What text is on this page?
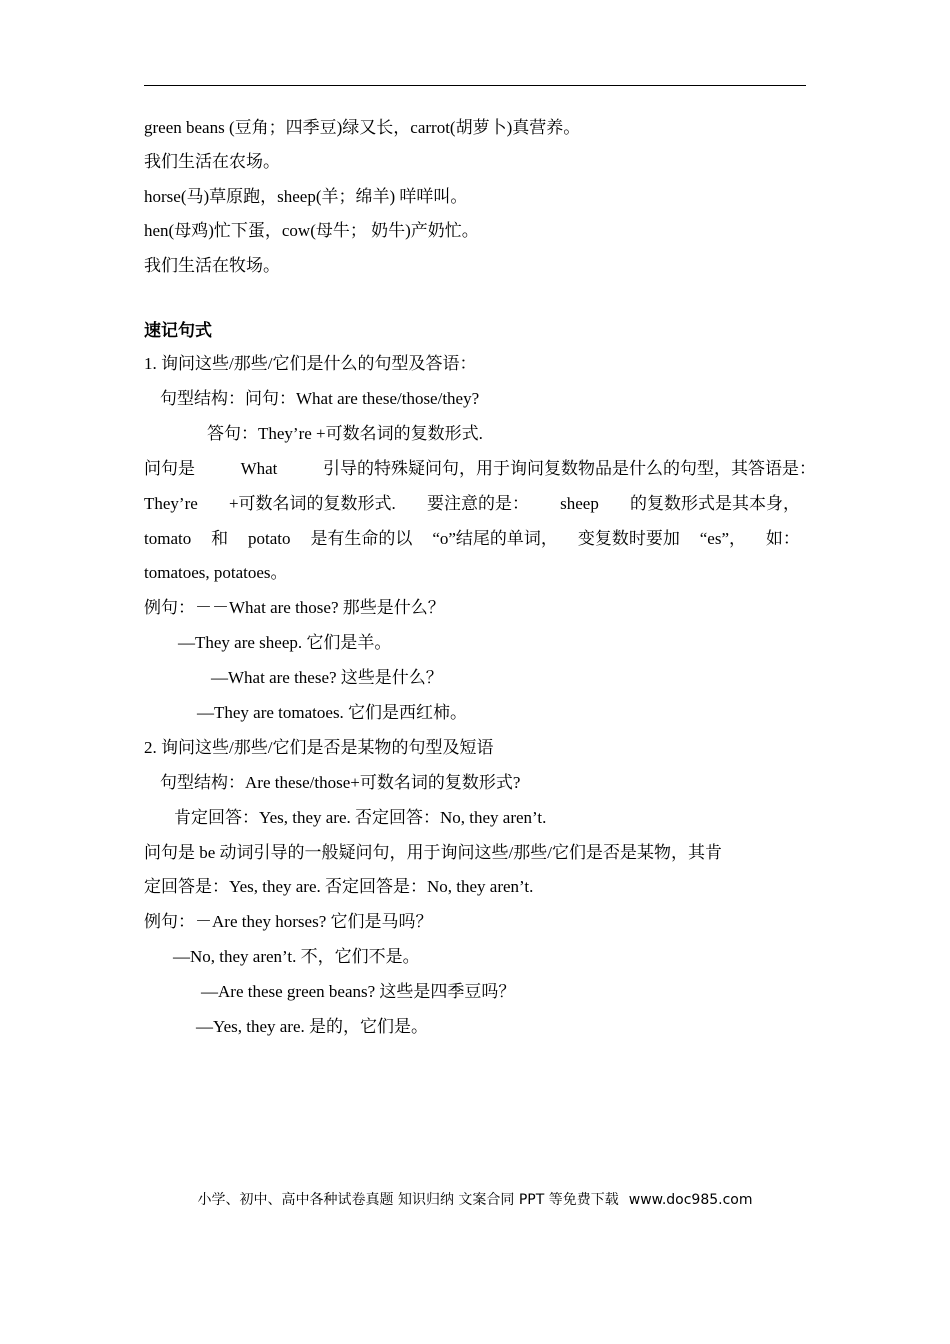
green beans (豆角；四季豆)绿又长，carrot(胡萝卜)真营养。
我们生活在农场。
horse(马)草原跑，sheep(羊；绵羊) 咩咩叫。
hen(母鸡)忙下蛋，cow(母牛； 奶牛)产奶忙。
我们生活在牧场。
速记句式
1. 询问这些/那些/它们是什么的句型及答语：
句型结构：问句：What are these/those/they?
答句：They’re +可数名词的复数形式.
问句是	What	引导的特殊疑问句，用于询问复数物品是什么的句型，其答语是：
They’re +可数名词的复数形式. 要注意的是： sheep 的复数形式是其本身，
tomato 和 potato 是有生命的以 “o”结尾的单词， 变复数时要加 “es”， 如：
tomatoes, potatoes。
例句：－－What are those? 那些是什么？
—They are sheep. 它们是羊。
—What are these? 这些是什么？
—They are tomatoes. 它们是西红柿。
2. 询问这些/那些/它们是否是某物的句型及短语
句型结构：Are these/those+可数名词的复数形式?
肯定回答：Yes, they are. 否定回答：No, they aren’t.
问句是 be 动词引导的一般疑问句，用于询问这些/那些/它们是否是某物，其肯
定回答是：Yes, they are. 否定回答是：No, they aren’t.
例句：－Are they horses? 它们是马吗？
—No, they aren’t. 不，它们不是。
—Are these green beans? 这些是四季豆吗？
—Yes, they are. 是的，它们是。
小学、初中、高中各种试卷真题 知识归纳 文案合同 PPT 等免费下载 www.doc985.com
